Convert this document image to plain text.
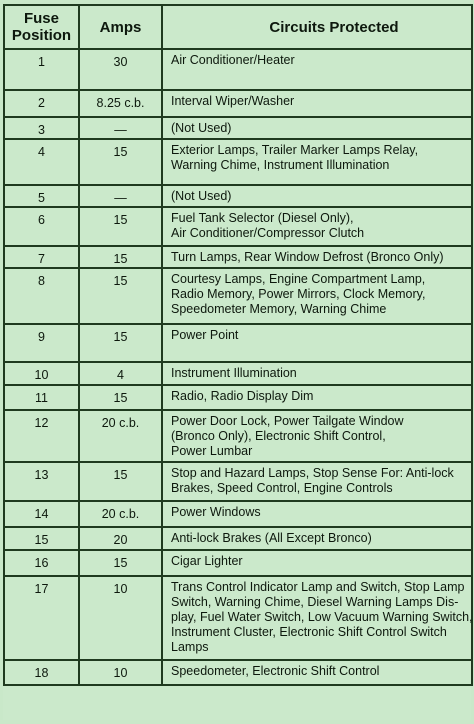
Fuse
Position	Amps	Circuits Protected
1	30	Air Conditioner/Heater

2	8.25 c.b.	Interval Wiper/Washer

3	—	(Not Used)

4	15	Exterior Lamps, Trailer Marker Lamps Relay,
Warning Chime, Instrument Illumination

5	—	(Not Used)

6	15	Fuel Tank Selector (Diesel Only),
Air Conditioner/Compressor Clutch

7	15	Turn Lamps, Rear Window Defrost (Bronco Only)

8	15	Courtesy Lamps, Engine Compartment Lamp,
Radio Memory, Power Mirrors, Clock Memory,
Speedometer Memory, Warning Chime

9	15	Power Point

10	4	Instrument Illumination

11	15	Radio, Radio Display Dim

12	20 c.b.	Power Door Lock, Power Tailgate Window
(Bronco Only), Electronic Shift Control,
Power Lumbar

13	15	Stop and Hazard Lamps, Stop Sense For: Anti-lock
Brakes, Speed Control, Engine Controls

14	20 c.b.	Power Windows

15	20	Anti-lock Brakes (All Except Bronco)

16	15	Cigar Lighter

17	10	Trans Control Indicator Lamp and Switch, Stop Lamp
Switch, Warning Chime, Diesel Warning Lamps Dis-
play, Fuel Water Switch, Low Vacuum Warning Switch,
Instrument Cluster, Electronic Shift Control Switch
Lamps

18	10	Speedometer, Electronic Shift Control
